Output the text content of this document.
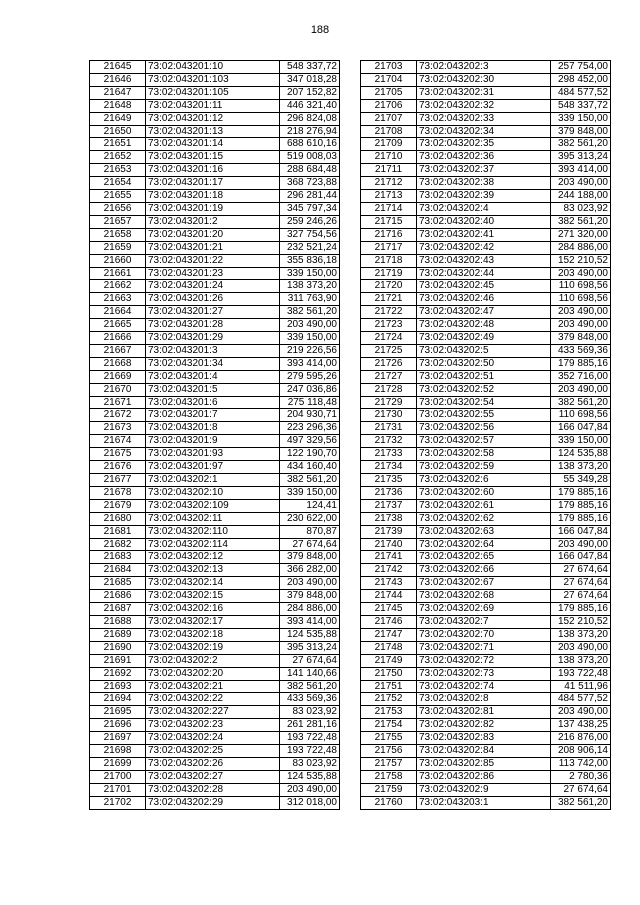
188
21645	73:02:043201:10	548 337,72
21646	73:02:043201:103	347 018,28
21647	73:02:043201:105	207 152,82
21648	73:02:043201:11	446 321,40
21649	73:02:043201:12	296 824,08
21650	73:02:043201:13	218 276,94
21651	73:02:043201:14	688 610,16
21652	73:02:043201:15	519 008,03
21653	73:02:043201:16	288 684,48
21654	73:02:043201:17	368 723,88
21655	73:02:043201:18	296 281,44
21656	73:02:043201:19	345 797,34
21657	73:02:043201:2	259 246,26
21658	73:02:043201:20	327 754,56
21659	73:02:043201:21	232 521,24
21660	73:02:043201:22	355 836,18
21661	73:02:043201:23	339 150,00
21662	73:02:043201:24	138 373,20
21663	73:02:043201:26	311 763,90
21664	73:02:043201:27	382 561,20
21665	73:02:043201:28	203 490,00
21666	73:02:043201:29	339 150,00
21667	73:02:043201:3	219 226,56
21668	73:02:043201:34	393 414,00
21669	73:02:043201:4	279 595,26
21670	73:02:043201:5	247 036,86
21671	73:02:043201:6	275 118,48
21672	73:02:043201:7	204 930,71
21673	73:02:043201:8	223 296,36
21674	73:02:043201:9	497 329,56
21675	73:02:043201:93	122 190,70
21676	73:02:043201:97	434 160,40
21677	73:02:043202:1	382 561,20
21678	73:02:043202:10	339 150,00
21679	73:02:043202:109	124,41
21680	73:02:043202:11	230 622,00
21681	73:02:043202:110	870,87
21682	73:02:043202:114	27 674,64
21683	73:02:043202:12	379 848,00
21684	73:02:043202:13	366 282,00
21685	73:02:043202:14	203 490,00
21686	73:02:043202:15	379 848,00
21687	73:02:043202:16	284 886,00
21688	73:02:043202:17	393 414,00
21689	73:02:043202:18	124 535,88
21690	73:02:043202:19	395 313,24
21691	73:02:043202:2	27 674,64
21692	73:02:043202:20	141 140,66
21693	73:02:043202:21	382 561,20
21694	73:02:043202:22	433 569,36
21695	73:02:043202:227	83 023,92
21696	73:02:043202:23	261 281,16
21697	73:02:043202:24	193 722,48
21698	73:02:043202:25	193 722,48
21699	73:02:043202:26	83 023,92
21700	73:02:043202:27	124 535,88
21701	73:02:043202:28	203 490,00
21702	73:02:043202:29	312 018,00
21703	73:02:043202:3	257 754,00
21704	73:02:043202:30	298 452,00
21705	73:02:043202:31	484 577,52
21706	73:02:043202:32	548 337,72
21707	73:02:043202:33	339 150,00
21708	73:02:043202:34	379 848,00
21709	73:02:043202:35	382 561,20
21710	73:02:043202:36	395 313,24
21711	73:02:043202:37	393 414,00
21712	73:02:043202:38	203 490,00
21713	73:02:043202:39	244 188,00
21714	73:02:043202:4	83 023,92
21715	73:02:043202:40	382 561,20
21716	73:02:043202:41	271 320,00
21717	73:02:043202:42	284 886,00
21718	73:02:043202:43	152 210,52
21719	73:02:043202:44	203 490,00
21720	73:02:043202:45	110 698,56
21721	73:02:043202:46	110 698,56
21722	73:02:043202:47	203 490,00
21723	73:02:043202:48	203 490,00
21724	73:02:043202:49	379 848,00
21725	73:02:043202:5	433 569,36
21726	73:02:043202:50	179 885,16
21727	73:02:043202:51	352 716,00
21728	73:02:043202:52	203 490,00
21729	73:02:043202:54	382 561,20
21730	73:02:043202:55	110 698,56
21731	73:02:043202:56	166 047,84
21732	73:02:043202:57	339 150,00
21733	73:02:043202:58	124 535,88
21734	73:02:043202:59	138 373,20
21735	73:02:043202:6	55 349,28
21736	73:02:043202:60	179 885,16
21737	73:02:043202:61	179 885,16
21738	73:02:043202:62	179 885,16
21739	73:02:043202:63	166 047,84
21740	73:02:043202:64	203 490,00
21741	73:02:043202:65	166 047,84
21742	73:02:043202:66	27 674,64
21743	73:02:043202:67	27 674,64
21744	73:02:043202:68	27 674,64
21745	73:02:043202:69	179 885,16
21746	73:02:043202:7	152 210,52
21747	73:02:043202:70	138 373,20
21748	73:02:043202:71	203 490,00
21749	73:02:043202:72	138 373,20
21750	73:02:043202:73	193 722,48
21751	73:02:043202:74	41 511,96
21752	73:02:043202:8	484 577,52
21753	73:02:043202:81	203 490,00
21754	73:02:043202:82	137 438,25
21755	73:02:043202:83	216 876,00
21756	73:02:043202:84	208 906,14
21757	73:02:043202:85	113 742,00
21758	73:02:043202:86	2 780,36
21759	73:02:043202:9	27 674,64
21760	73:02:043203:1	382 561,20
